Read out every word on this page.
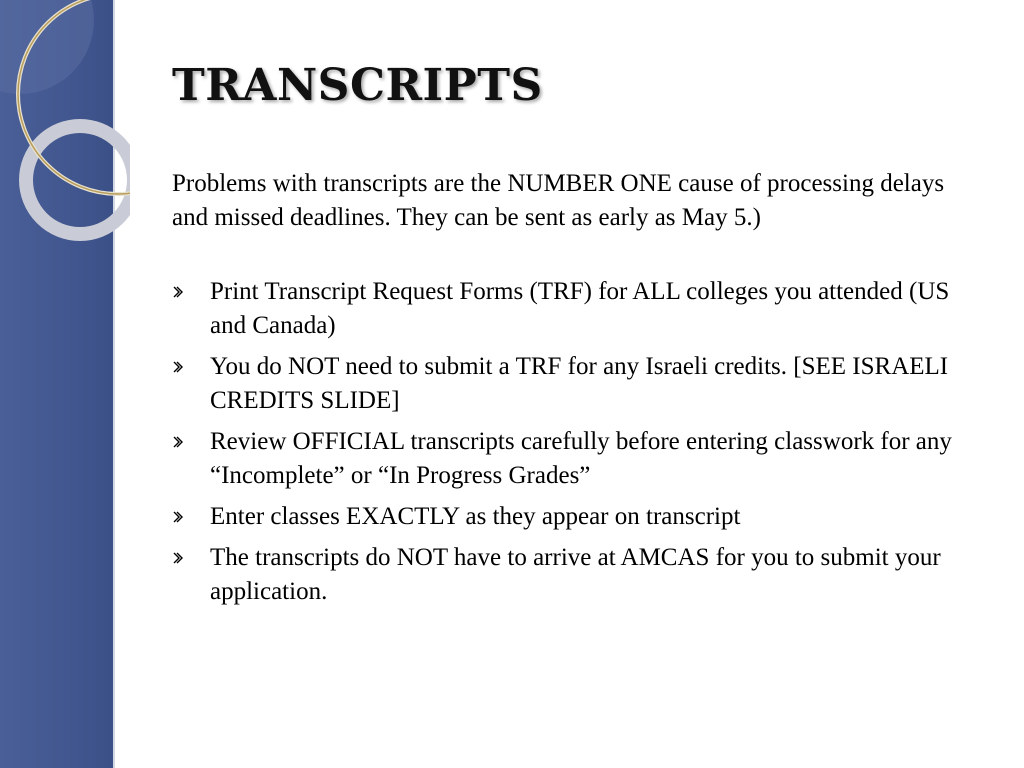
TRANSCRIPTS

Problems with transcripts are the NUMBER ONE cause of processing delays and missed deadlines. They can be sent as early as May 5.)

Print Transcript Request Forms (TRF) for ALL colleges you attended (US and Canada)
You do NOT need to submit a TRF for any Israeli credits. [SEE ISRAELI CREDITS SLIDE]
Review OFFICIAL transcripts carefully before entering classwork for any “Incomplete” or “In Progress Grades”
Enter classes EXACTLY as they appear on transcript
The transcripts do NOT have to arrive at AMCAS for you to submit your application.
